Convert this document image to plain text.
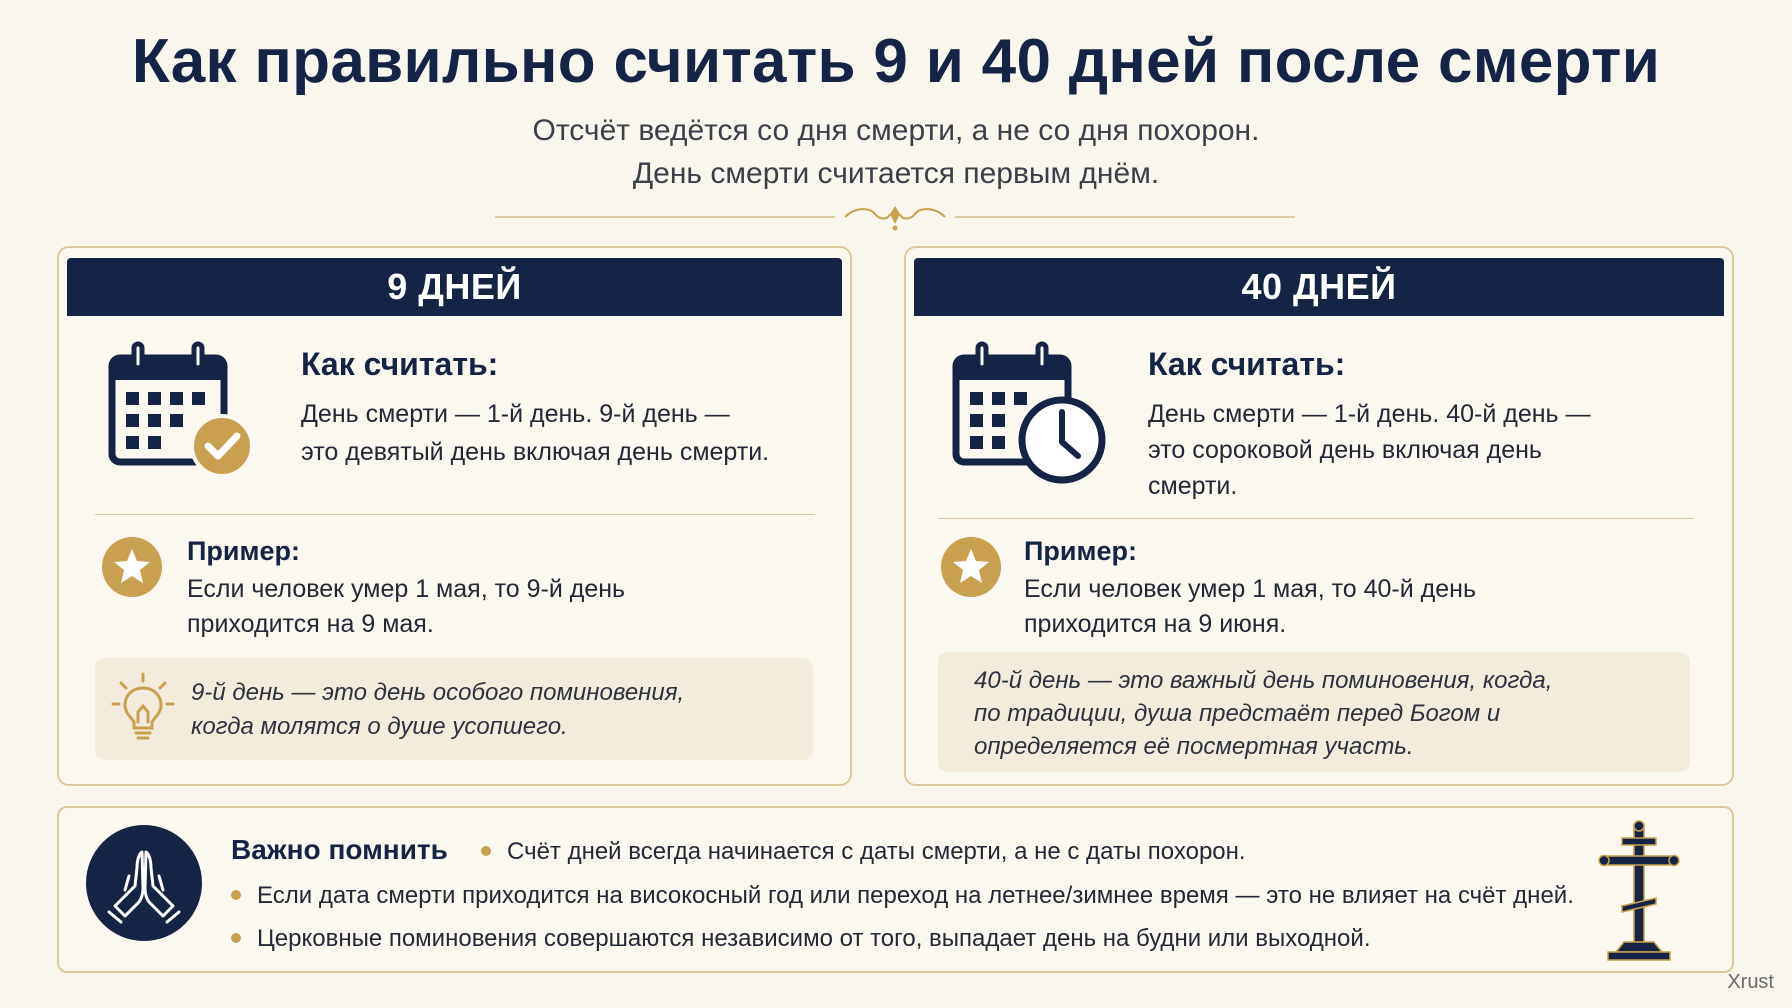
Как правильно считать 9 и 40 дней после смерти
Отсчёт ведётся со дня смерти, а не со дня похорон.
День смерти считается первым днём.
9 ДНЕЙ
Как считать:
День смерти — 1-й день. 9-й день —
это девятый день включая день смерти.
Пример:
Если человек умер 1 мая, то 9-й день
приходится на 9 мая.
9-й день — это день особого поминовения,
когда молятся о душе усопшего.
40 ДНЕЙ
Как считать:
День смерти — 1-й день. 40-й день —
это сороковой день включая день
смерти.
Пример:
Если человек умер 1 мая, то 40-й день
приходится на 9 июня.
40-й день — это важный день поминовения, когда,
по традиции, душа предстаёт перед Богом и
определяется её посмертная участь.
Важно помнить	Счёт дней всегда начинается с даты смерти, а не с даты похорон.
Если дата смерти приходится на високосный год или переход на летнее/зимнее время — это не влияет на счёт дней.
Церковные поминовения совершаются независимо от того, выпадает день на будни или выходной.
Xrust
